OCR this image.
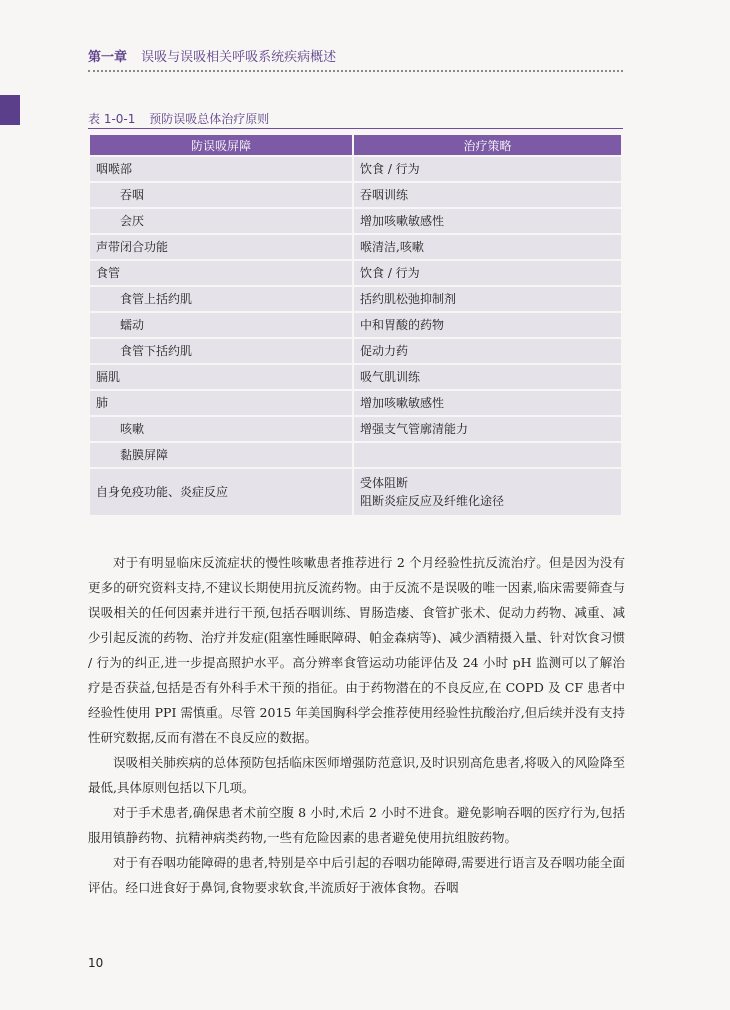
第一章 误吸与误吸相关呼吸系统疾病概述
表 1-0-1 预防误吸总体治疗原则
防误吸屏障	治疗策略
咽喉部	饮食 / 行为
吞咽	吞咽训练
会厌	增加咳嗽敏感性
声带闭合功能	喉清洁,咳嗽
食管	饮食 / 行为
食管上括约肌	括约肌松弛抑制剂
蠕动	中和胃酸的药物
食管下括约肌	促动力药
膈肌	吸气肌训练
肺	增加咳嗽敏感性
咳嗽	增强支气管廓清能力
黏膜屏障	
自身免疫功能、炎症反应	受体阻断
阻断炎症反应及纤维化途径

对于有明显临床反流症状的慢性咳嗽患者推荐进行 2 个月经验性抗反流治疗。但是因为没有更多的研究资料支持,不建议长期使用抗反流药物。由于反流不是误吸的唯一因素,临床需要筛查与误吸相关的任何因素并进行干预,包括吞咽训练、胃肠造瘘、食管扩张术、促动力药物、减重、减少引起反流的药物、治疗并发症(阻塞性睡眠障碍、帕金森病等)、减少酒精摄入量、针对饮食习惯 / 行为的纠正,进一步提高照护水平。高分辨率食管运动功能评估及 24 小时 pH 监测可以了解治疗是否获益,包括是否有外科手术干预的指征。由于药物潜在的不良反应,在 COPD 及 CF 患者中经验性使用 PPI 需慎重。尽管 2015 年美国胸科学会推荐使用经验性抗酸治疗,但后续并没有支持性研究数据,反而有潜在不良反应的数据。

误吸相关肺疾病的总体预防包括临床医师增强防范意识,及时识别高危患者,将吸入的风险降至最低,具体原则包括以下几项。

对于手术患者,确保患者术前空腹 8 小时,术后 2 小时不进食。避免影响吞咽的医疗行为,包括服用镇静药物、抗精神病类药物,一些有危险因素的患者避免使用抗组胺药物。

对于有吞咽功能障碍的患者,特别是卒中后引起的吞咽功能障碍,需要进行语言及吞咽功能全面评估。经口进食好于鼻饲,食物要求软食,半流质好于液体食物。吞咽

10
